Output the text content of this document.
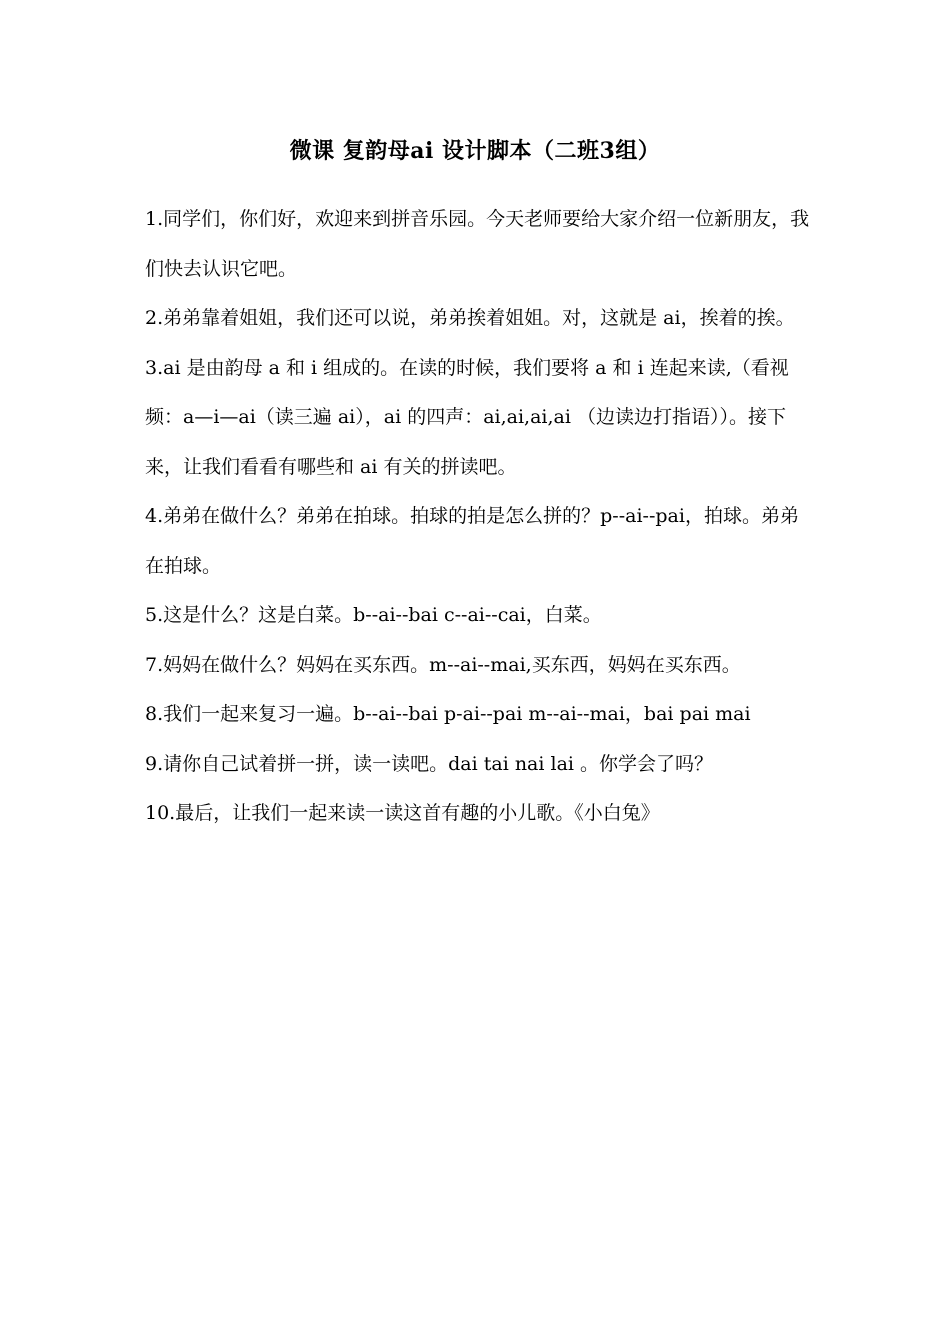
微课 复韵母ai 设计脚本（二班3组）

1.同学们，你们好，欢迎来到拼音乐园。今天老师要给大家介绍一位新朋友，我们快去认识它吧。

2.弟弟靠着姐姐，我们还可以说，弟弟挨着姐姐。对，这就是 ai，挨着的挨。

3.ai 是由韵母 a 和 i 组成的。在读的时候，我们要将 a 和 i 连起来读,（看视频：a—i—ai（读三遍 ai），ai 的四声：ai,ai,ai,ai （边读边打指语））。接下来，让我们看看有哪些和 ai 有关的拼读吧。

4.弟弟在做什么？弟弟在拍球。拍球的拍是怎么拼的？p--ai--pai，拍球。弟弟在拍球。

5.这是什么？这是白菜。b--ai--bai c--ai--cai，白菜。

7.妈妈在做什么？妈妈在买东西。m--ai--mai,买东西，妈妈在买东西。

8.我们一起来复习一遍。b--ai--bai p-ai--pai m--ai--mai，bai pai mai

9.请你自己试着拼一拼，读一读吧。dai tai nai lai 。你学会了吗？

10.最后，让我们一起来读一读这首有趣的小儿歌。《小白兔》
